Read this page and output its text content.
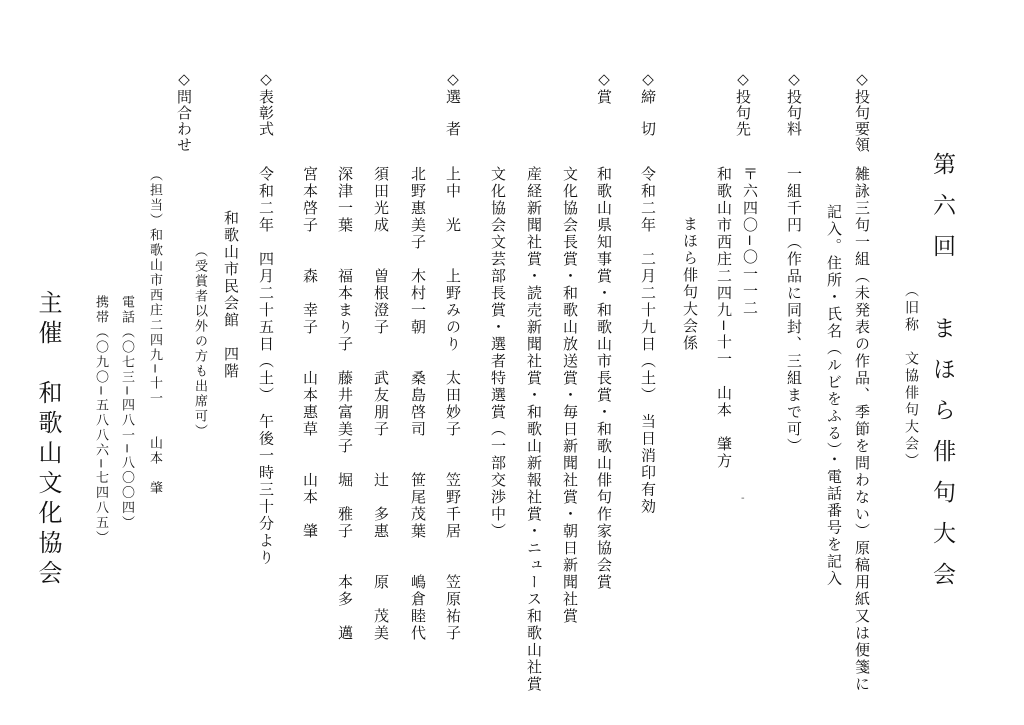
第六回　まほら俳句大会
（旧称　文協俳句大会）
◇投句要領
雑詠三句一組（未発表の作品、季節を問わない）原稿用紙又は便箋に
記入。住所・氏名（ルビをふる）・電話番号を記入
◇投句料
一組千円（作品に同封、三組まで可）
◇投句先
〒六四〇−〇一一二
和歌山市西庄二四九−十一　山本　肇方
まほら俳句大会係
-
◇締　切
令和二年　二月二十九日（土）　当日消印有効
◇賞
和歌山県知事賞・和歌山市長賞・和歌山俳句作家協会賞
文化協会長賞・和歌山放送賞・毎日新聞社賞・朝日新聞社賞
産経新聞社賞・読売新聞社賞・和歌山新報社賞・ニュース和歌山社賞
文化協会文芸部長賞・選者特選賞（一部交渉中）
◇選　者
上中　光　　上野みのり　太田妙子　　笠野千居　　笠原祐子
北野惠美子　木村一朝　　桑島啓司　　笹尾茂葉　　嶋倉睦代
須田光成　　曽根澄子　　武友朋子　　辻　多惠　　原　茂美
深津一葉　　福本まり子　藤井富美子　堀　雅子　　本多　邁
宮本啓子　　森　幸子　　山本惠草　　山本　肇
◇表彰式
令和二年　四月二十五日（土）　午後一時三十分より
和歌山市民会館　四階
（受賞者以外の方も出席可）
◇問合わせ
（担当）和歌山市西庄二四九−十一　　山本　肇
電話（〇七三−四八一−八〇〇四）
携帯（〇九〇−五八八六−七四八五）
主催
和歌山文化協会
